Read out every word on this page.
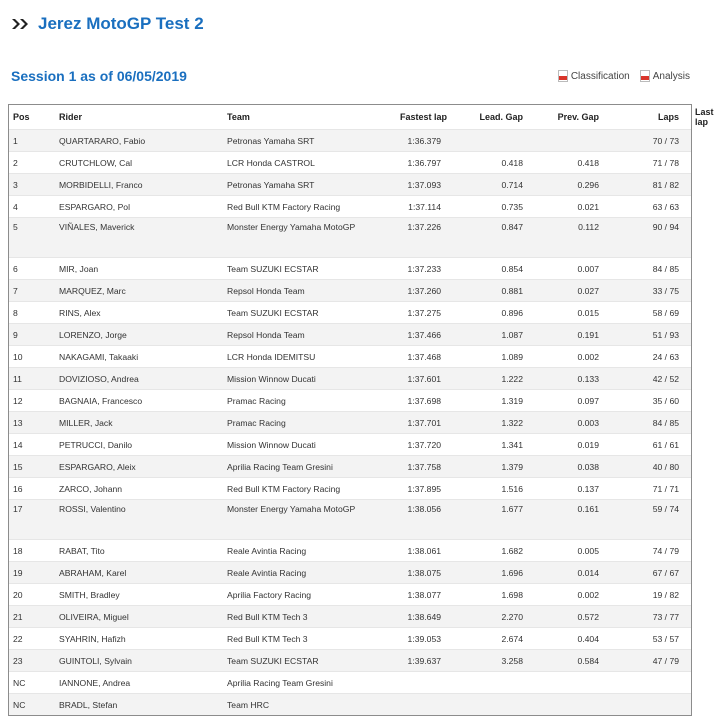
Jerez MotoGP Test 2
Session 1 as of 06/05/2019	Classification Analysis
Pos	Rider	Team	Fastest lap	Lead. Gap	Prev. Gap	Laps	Last lap
1	QUARTARARO, Fabio	Petronas Yamaha SRT	1:36.379			70 / 73	
2	CRUTCHLOW, Cal	LCR Honda CASTROL	1:36.797	0.418	0.418	71 / 78	
3	MORBIDELLI, Franco	Petronas Yamaha SRT	1:37.093	0.714	0.296	81 / 82	
4	ESPARGARO, Pol	Red Bull KTM Factory Racing	1:37.114	0.735	0.021	63 / 63	
5	VIÑALES, Maverick	Monster Energy Yamaha MotoGP	1:37.226	0.847	0.112	90 / 94	
6	MIR, Joan	Team SUZUKI ECSTAR	1:37.233	0.854	0.007	84 / 85	
7	MARQUEZ, Marc	Repsol Honda Team	1:37.260	0.881	0.027	33 / 75	
8	RINS, Alex	Team SUZUKI ECSTAR	1:37.275	0.896	0.015	58 / 69	
9	LORENZO, Jorge	Repsol Honda Team	1:37.466	1.087	0.191	51 / 93	
10	NAKAGAMI, Takaaki	LCR Honda IDEMITSU	1:37.468	1.089	0.002	24 / 63	
11	DOVIZIOSO, Andrea	Mission Winnow Ducati	1:37.601	1.222	0.133	42 / 52	
12	BAGNAIA, Francesco	Pramac Racing	1:37.698	1.319	0.097	35 / 60	
13	MILLER, Jack	Pramac Racing	1:37.701	1.322	0.003	84 / 85	
14	PETRUCCI, Danilo	Mission Winnow Ducati	1:37.720	1.341	0.019	61 / 61	
15	ESPARGARO, Aleix	Aprilia Racing Team Gresini	1:37.758	1.379	0.038	40 / 80	
16	ZARCO, Johann	Red Bull KTM Factory Racing	1:37.895	1.516	0.137	71 / 71	
17	ROSSI, Valentino	Monster Energy Yamaha MotoGP	1:38.056	1.677	0.161	59 / 74	
18	RABAT, Tito	Reale Avintia Racing	1:38.061	1.682	0.005	74 / 79	
19	ABRAHAM, Karel	Reale Avintia Racing	1:38.075	1.696	0.014	67 / 67	
20	SMITH, Bradley	Aprilia Factory Racing	1:38.077	1.698	0.002	19 / 82	
21	OLIVEIRA, Miguel	Red Bull KTM Tech 3	1:38.649	2.270	0.572	73 / 77	
22	SYAHRIN, Hafizh	Red Bull KTM Tech 3	1:39.053	2.674	0.404	53 / 57	
23	GUINTOLI, Sylvain	Team SUZUKI ECSTAR	1:39.637	3.258	0.584	47 / 79	
NC	IANNONE, Andrea	Aprilia Racing Team Gresini					
NC	BRADL, Stefan	Team HRC					
